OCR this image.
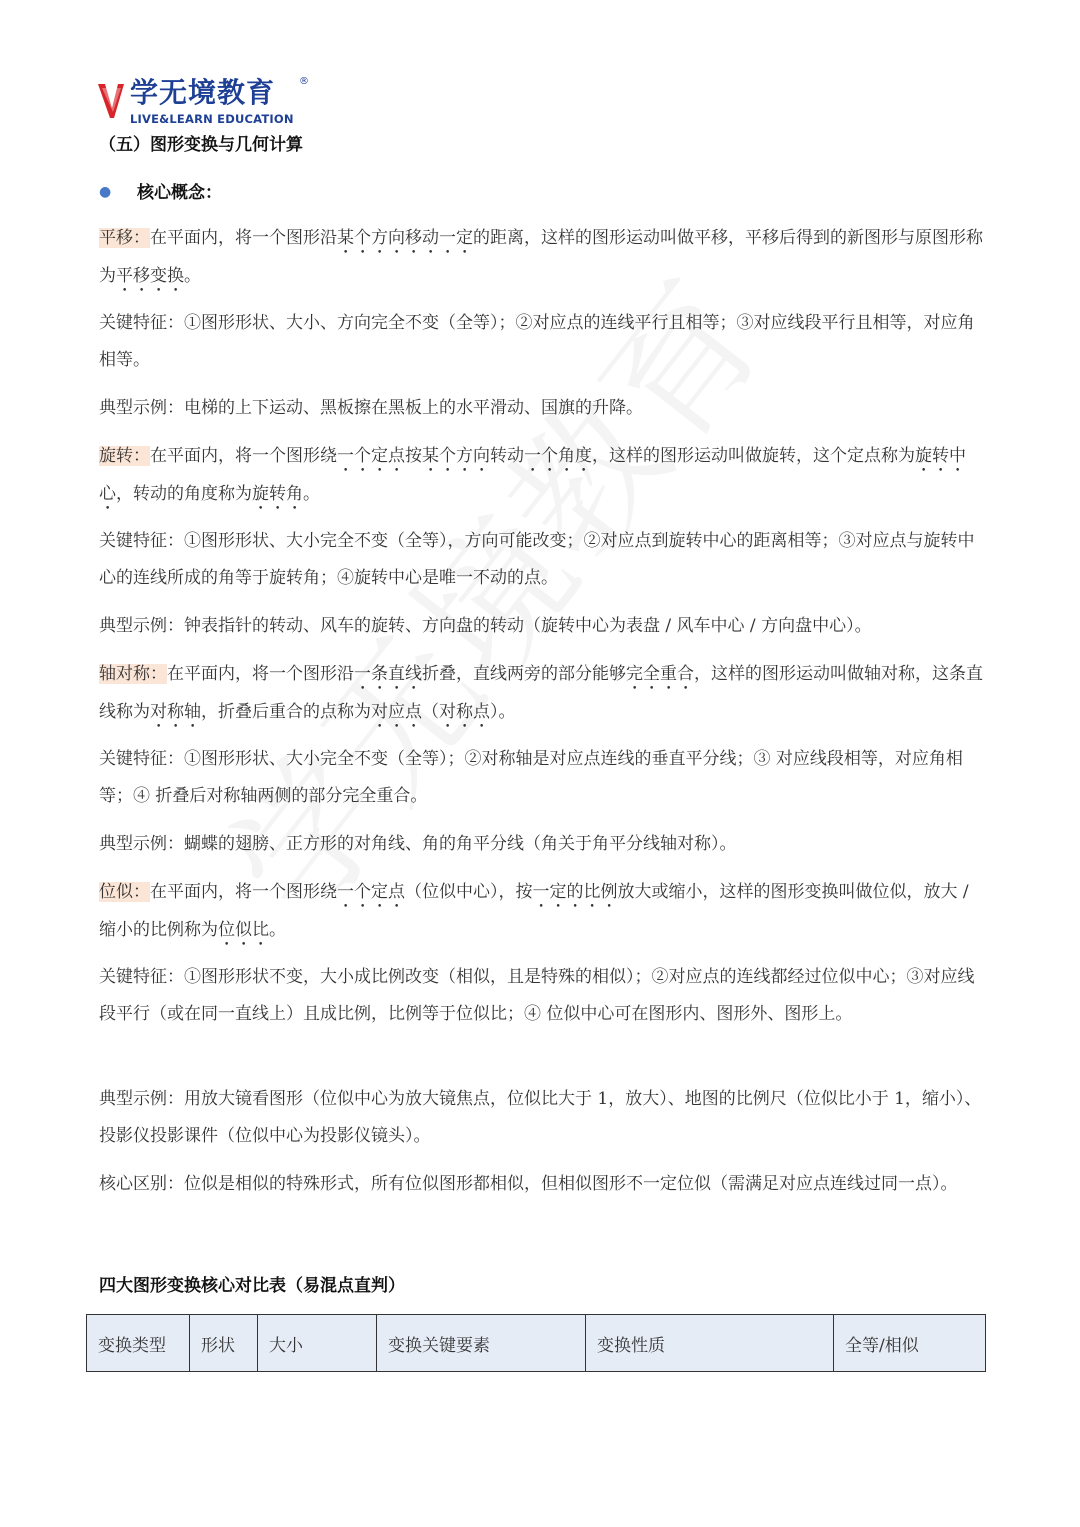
学无境教育 ®
LIVE&LEARN EDUCATION
（五）图形变换与几何计算
● 核心概念：
平移：在平面内，将一个图形沿某个方向移动一定的距离，这样的图形运动叫做平移，平移后得到的新图形与原图形称为平移变换。
关键特征：①图形形状、大小、方向完全不变（全等）；②对应点的连线平行且相等；③对应线段平行且相等，对应角相等。
典型示例：电梯的上下运动、黑板擦在黑板上的水平滑动、国旗的升降。
旋转：在平面内，将一个图形绕一个定点按某个方向转动一个角度，这样的图形运动叫做旋转，这个定点称为旋转中心，转动的角度称为旋转角。
关键特征：①图形形状、大小完全不变（全等），方向可能改变；②对应点到旋转中心的距离相等；③对应点与旋转中心的连线所成的角等于旋转角；④旋转中心是唯一不动的点。
典型示例：钟表指针的转动、风车的旋转、方向盘的转动（旋转中心为表盘 / 风车中心 / 方向盘中心）。
轴对称：在平面内，将一个图形沿一条直线折叠，直线两旁的部分能够完全重合，这样的图形运动叫做轴对称，这条直线称为对称轴，折叠后重合的点称为对应点（对称点）。
关键特征：①图形形状、大小完全不变（全等）；②对称轴是对应点连线的垂直平分线；③ 对应线段相等，对应角相等；④ 折叠后对称轴两侧的部分完全重合。
典型示例：蝴蝶的翅膀、正方形的对角线、角的角平分线（角关于角平分线轴对称）。
位似：在平面内，将一个图形绕一个定点（位似中心），按一定的比例放大或缩小，这样的图形变换叫做位似，放大 / 缩小的比例称为位似比。
关键特征：①图形形状不变，大小成比例改变（相似，且是特殊的相似）；②对应点的连线都经过位似中心；③对应线段平行（或在同一直线上）且成比例，比例等于位似比；④ 位似中心可在图形内、图形外、图形上。
典型示例：用放大镜看图形（位似中心为放大镜焦点，位似比大于 1，放大）、地图的比例尺（位似比小于 1，缩小）、投影仪投影课件（位似中心为投影仪镜头）。
核心区别：位似是相似的特殊形式，所有位似图形都相似，但相似图形不一定位似（需满足对应点连线过同一点）。
四大图形变换核心对比表（易混点直判）
变换类型	形状	大小	变换关键要素	变换性质	全等/相似
